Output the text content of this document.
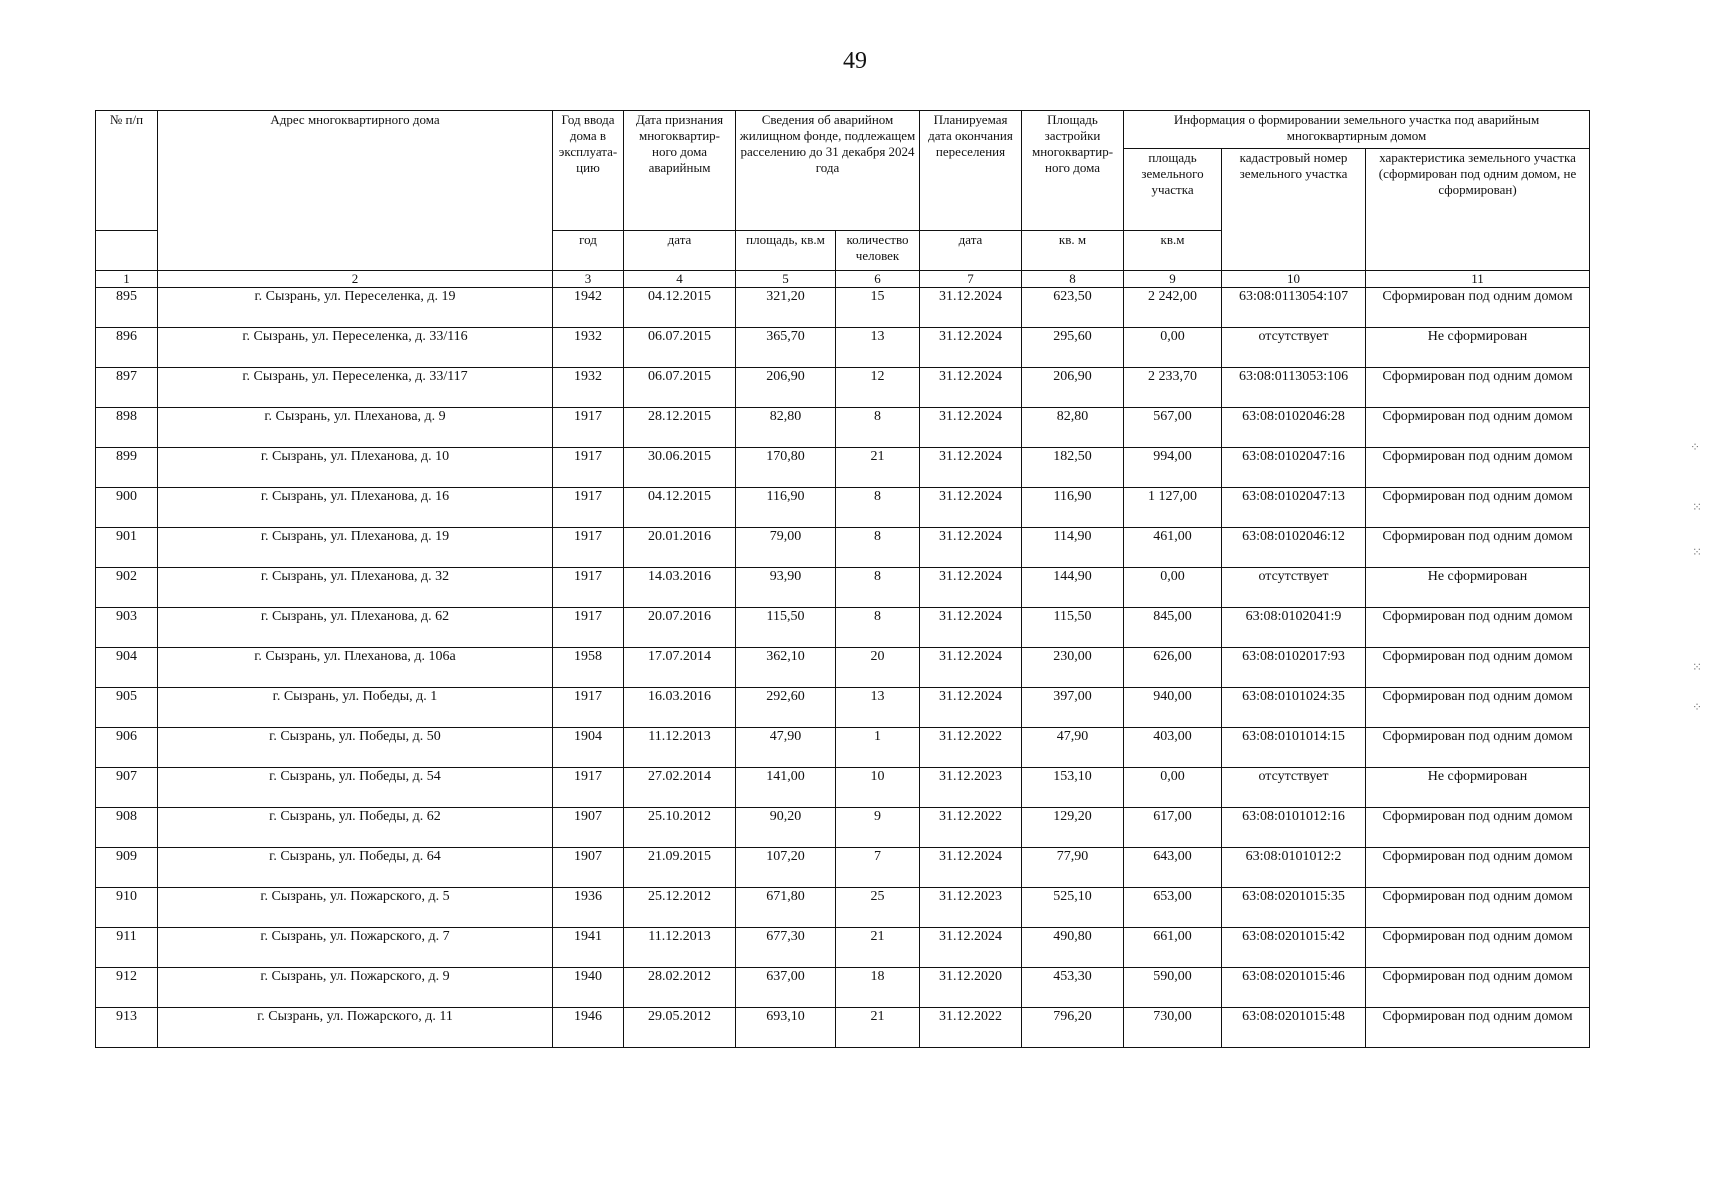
49
№ п/п	Адрес многоквартирного дома	Год ввода дома в эксплуата-цию	Дата признания многоквартир-ного дома аварийным	Сведения об аварийном жилищном фонде, подлежащем расселению до 31 декабря 2024 года		Планируемая дата окончания переселения	Площадь застройки многоквартир-ного дома	Информация о формировании земельного участка под аварийным многоквартирным домом		
								площадь земельного участка	кадастровый номер земельного участка	характеристика земельного участка (сформирован под одним домом, не сформирован)
		год	дата	площадь, кв.м	количество человек	дата	кв. м	кв.м		
1	2	3	4	5	6	7	8	9	10	11
895	г. Сызрань, ул. Переселенка, д. 19	1942	04.12.2015	321,20	15	31.12.2024	623,50	2 242,00	63:08:0113054:107	Сформирован под одним домом
896	г. Сызрань, ул. Переселенка, д. 33/116	1932	06.07.2015	365,70	13	31.12.2024	295,60	0,00	отсутствует	Не сформирован
897	г. Сызрань, ул. Переселенка, д. 33/117	1932	06.07.2015	206,90	12	31.12.2024	206,90	2 233,70	63:08:0113053:106	Сформирован под одним домом
898	г. Сызрань, ул. Плеханова, д. 9	1917	28.12.2015	82,80	8	31.12.2024	82,80	567,00	63:08:0102046:28	Сформирован под одним домом
899	г. Сызрань, ул. Плеханова, д. 10	1917	30.06.2015	170,80	21	31.12.2024	182,50	994,00	63:08:0102047:16	Сформирован под одним домом
900	г. Сызрань, ул. Плеханова, д. 16	1917	04.12.2015	116,90	8	31.12.2024	116,90	1 127,00	63:08:0102047:13	Сформирован под одним домом
901	г. Сызрань, ул. Плеханова, д. 19	1917	20.01.2016	79,00	8	31.12.2024	114,90	461,00	63:08:0102046:12	Сформирован под одним домом
902	г. Сызрань, ул. Плеханова, д. 32	1917	14.03.2016	93,90	8	31.12.2024	144,90	0,00	отсутствует	Не сформирован
903	г. Сызрань, ул. Плеханова, д. 62	1917	20.07.2016	115,50	8	31.12.2024	115,50	845,00	63:08:0102041:9	Сформирован под одним домом
904	г. Сызрань, ул. Плеханова, д. 106а	1958	17.07.2014	362,10	20	31.12.2024	230,00	626,00	63:08:0102017:93	Сформирован под одним домом
905	г. Сызрань, ул. Победы, д. 1	1917	16.03.2016	292,60	13	31.12.2024	397,00	940,00	63:08:0101024:35	Сформирован под одним домом
906	г. Сызрань, ул. Победы, д. 50	1904	11.12.2013	47,90	1	31.12.2022	47,90	403,00	63:08:0101014:15	Сформирован под одним домом
907	г. Сызрань, ул. Победы, д. 54	1917	27.02.2014	141,00	10	31.12.2023	153,10	0,00	отсутствует	Не сформирован
908	г. Сызрань, ул. Победы, д. 62	1907	25.10.2012	90,20	9	31.12.2022	129,20	617,00	63:08:0101012:16	Сформирован под одним домом
909	г. Сызрань, ул. Победы, д. 64	1907	21.09.2015	107,20	7	31.12.2024	77,90	643,00	63:08:0101012:2	Сформирован под одним домом
910	г. Сызрань, ул. Пожарского, д. 5	1936	25.12.2012	671,80	25	31.12.2023	525,10	653,00	63:08:0201015:35	Сформирован под одним домом
911	г. Сызрань, ул. Пожарского, д. 7	1941	11.12.2013	677,30	21	31.12.2024	490,80	661,00	63:08:0201015:42	Сформирован под одним домом
912	г. Сызрань, ул. Пожарского, д. 9	1940	28.02.2012	637,00	18	31.12.2020	453,30	590,00	63:08:0201015:46	Сформирован под одним домом
913	г. Сызрань, ул. Пожарского, д. 11	1946	29.05.2012	693,10	21	31.12.2022	796,20	730,00	63:08:0201015:48	Сформирован под одним домом
⁘
⁙
⁙
⁙
⁘
